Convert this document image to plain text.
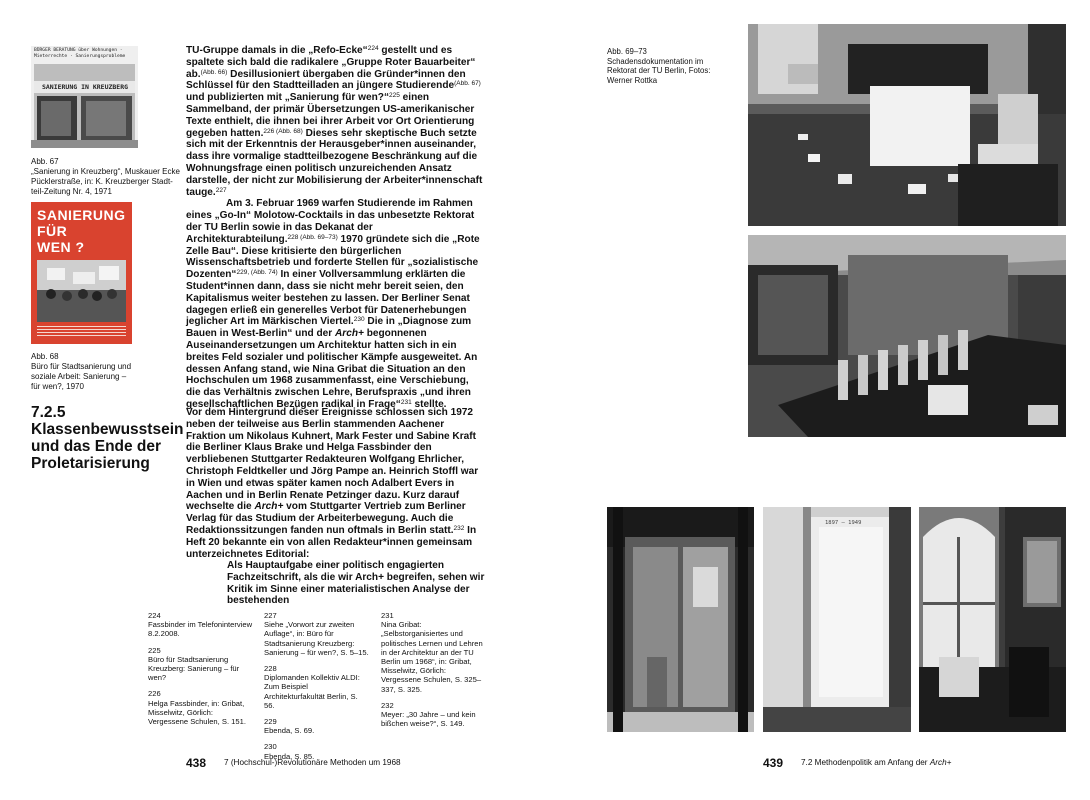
BÜRGER BERATUNG über Wohnungen · Mieterrechte · Sanierungsprobleme
SANIERUNG IN KREUZBERG
Abb. 67
„Sanierung in Kreuzberg“, Muskauer Ecke
Pücklerstraße, in: K. Kreuzberger Stadt-
teil-Zeitung Nr. 4, 1971
SANIERUNG
FÜR
WEN ?
Abb. 68
Büro für Stadtsanierung und
soziale Arbeit: Sanierung –
für wen?, 1970

TU-Gruppe damals in die „Refo-Ecke“$^{224}$ gestellt und es spaltete sich bald die radikalere „Gruppe Roter Bauarbeiter“ ab.$^{(Abb. 66)}$ Desillusioniert übergaben die Gründer*innen den Schlüssel für den Stadtteilladen an jüngere Studierende$^{(Abb. 67)}$ und publizierten mit „Sanierung für wen?“$^{225}$ einen Sammelband, der primär Übersetzungen US-amerikanischer Texte enthielt, die ihnen bei ihrer Arbeit vor Ort Orientierung gegeben hatten.$^{226 (Abb. 68)}$ Dieses sehr skeptische Buch setzte sich mit der Erkenntnis der Herausgeber*innen auseinander, dass ihre vormalige stadtteilbezogene Beschränkung auf die Wohnungsfrage einen politisch unzureichenden Ansatz darstelle, der nicht zur Mobilisierung der Arbeiter*innenschaft tauge.$^{227}$

Am 3. Februar 1969 warfen Studierende im Rahmen eines „Go-In“ Molotow-Cocktails in das unbesetzte Rektorat der TU Berlin sowie in das Dekanat der Architekturabteilung.$^{228 (Abb. 69-73)}$ 1970 gründete sich die „Rote Zelle Bau“. Diese kritisierte den bürgerlichen Wissenschaftsbetrieb und forderte Stellen für „sozialistische Dozenten“$^{229, (Abb. 74)}$ In einer Vollversammlung erklärten die Student*innen dann, dass sie nicht mehr bereit seien, den Kapitalismus weiter bestehen zu lassen. Der Berliner Senat dagegen erließ ein generelles Verbot für Datenerhebungen jeglicher Art im Märkischen Viertel.$^{230}$ Die in „Diagnose zum Bauen in West-Berlin“ und der Arch+ begonnenen Auseinandersetzungen um Architektur hatten sich in ein breites Feld sozialer und politischer Kämpfe ausgeweitet. An dessen Anfang stand, wie Nina Gribat die Situation an den Hochschulen um 1968 zusammenfasst, eine Verschiebung, die das Verhältnis zwischen Lehre, Berufspraxis „und ihren gesellschaftlichen Bezügen radikal in Frage“$^{231}$ stellte.

7.2.5
Klassenbewusstsein und das Ende der Proletarisierung

Vor dem Hintergrund dieser Ereignisse schlossen sich 1972 neben der teilweise aus Berlin stammenden Aachener Fraktion um Nikolaus Kuhnert, Mark Fester und Sabine Kraft die Berliner Klaus Brake und Helga Fassbinder den verbliebenen Stuttgarter Redakteuren Wolfgang Ehrlicher, Christoph Feldtkeller und Jörg Pampe an. Heinrich Stoffl war in Wien und etwas später kamen noch Adalbert Evers in Aachen und in Berlin Renate Petzinger dazu. Kurz darauf wechselte die Arch+ vom Stuttgarter Vertrieb zum Berliner Verlag für das Studium der Arbeiterbewegung. Auch die Redaktionssitzungen fanden nun oftmals in Berlin statt.$^{232}$ In Heft 20 bekannte ein von allen Redakteur*innen gemeinsam unterzeichnetes Editorial:

Als Hauptaufgabe einer politisch engagierten Fachzeitschrift, als die wir Arch+ begreifen, sehen wir Kritik im Sinne einer materialistischen Analyse der bestehenden
224
Fassbinder im Telefoninterview 8.2.2008.
225
Büro für Stadtsanierung Kreuzberg: Sanierung – für wen?
226
Helga Fassbinder, in: Gribat, Misselwitz, Görlich: Vergessene Schulen, S. 151.
227
Siehe „Vorwort zur zweiten Auflage“, in: Büro für Stadtsanierung Kreuzberg: Sanierung – für wen?, S. 5–15.
228
Diplomanden Kollektiv ALDI: Zum Beispiel Architekturfakultät Berlin, S. 56.
229
Ebenda, S. 69.
230
Ebenda, S. 85.
231
Nina Gribat: „Selbstorganisiertes und politisches Lernen und Lehren in der Architektur an der TU Berlin um 1968“, in: Gribat, Misselwitz, Görlich: Vergessene Schulen, S. 325–337, S. 325.
232
Meyer: „30 Jahre – und kein bißchen weise?“, S. 149.
438 7 (Hochschul-)Revolutionäre Methoden um 1968
Abb. 69–73
Schadensdokumentation im
Rektorat der TU Berlin, Fotos:
Werner Rottka
1897 – 1949
439 7.2 Methodenpolitik am Anfang der Arch+
